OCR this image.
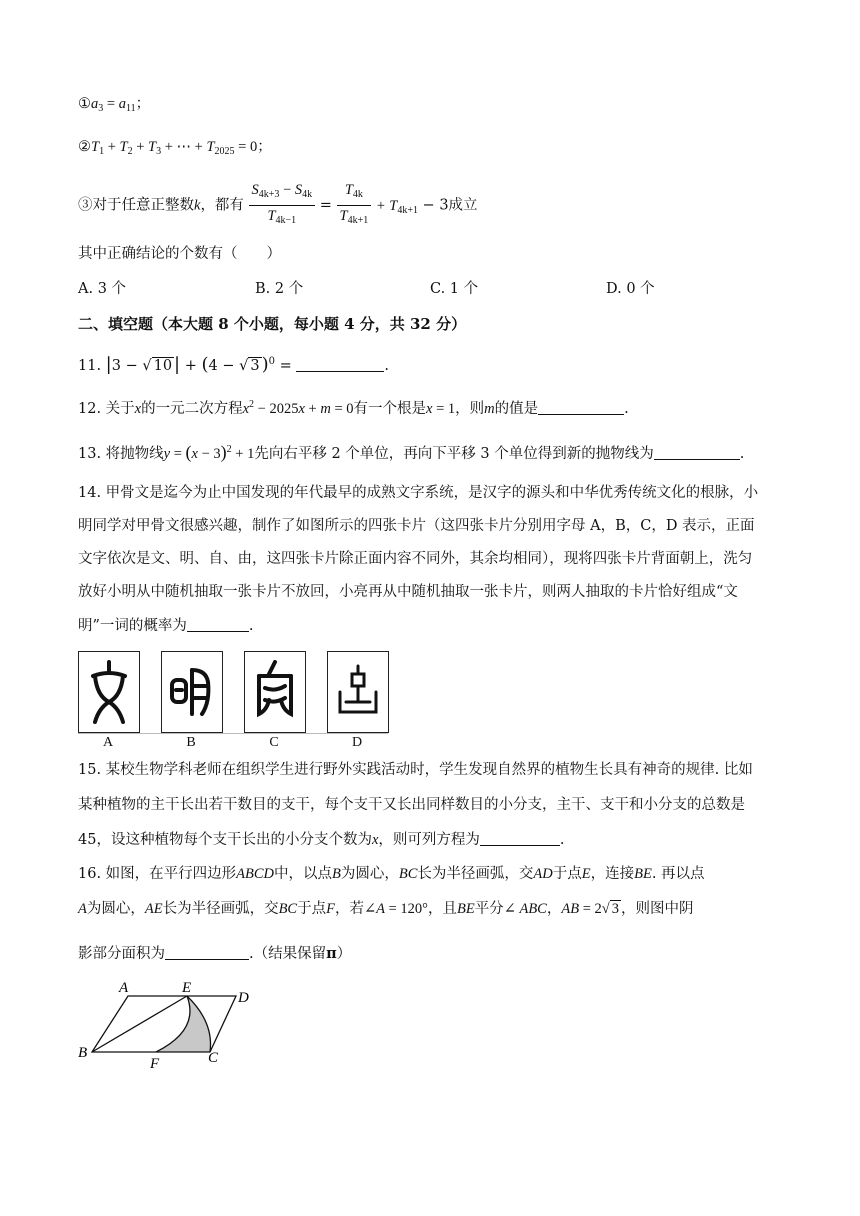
$①a_3 = a_{11}$；
$②T_1 + T_2 + T_3$ + ⋯ + $T_{2025} = 0$；
③对于任意正整数k，都有 $\frac{S_{4k+3} - S_{4k}}{T_{4k-1}} = \frac{T_{4k}}{T_{4k+1}} + T_{4k+1} - 3$成立
其中正确结论的个数有（　　）
A. 3 个	B. 2 个	C. 1 个	D. 0 个
二、填空题（本大题 8 个小题，每小题 4 分，共 32 分）
11. |3 − √ 10 | + (4 − √ 3 )$^0$ =	.
12. 关于x的一元二次方程$x^2 - 2025x + m = 0$有一个根是x = 1，则m的值是	.
13. 将抛物线$y = (x - 3)^2 + 1$先向右平移 2 个单位，再向下平移 3 个单位得到新的抛物线为	.
14. 甲骨文是迄今为止中国发现的年代最早的成熟文字系统，是汉字的源头和中华优秀传统文化的根脉，小
明同学对甲骨文很感兴趣，制作了如图所示的四张卡片（这四张卡片分别用字母 A，B，C，D 表示，正面
文字依次是文、明、自、由，这四张卡片除正面内容不同外，其余均相同），现将四张卡片背面朝上，洗匀
放好小明从中随机抽取一张卡片不放回，小亮再从中随机抽取一张卡片，则两人抽取的卡片恰好组成“文
明”一词的概率为	.
A	B	C	D
15. 某校生物学科老师在组织学生进行野外实践活动时，学生发现自然界的植物生长具有神奇的规律. 比如
某种植物的主干长出若干数目的支干，每个支干又长出同样数目的小分支，主干、支干和小分支的总数是
45，设这种植物每个支干长出的小分支个数为x，则可列方程为	.
16. 如图，在平行四边形ABCD中，以点B为圆心，BC长为半径画弧，交AD于点E，连接BE. 再以点
A为圆心，AE长为半径画弧，交BC于点F，若∠A = 120°，且BE平分∠ ABC，AB = 2√ 3 ，则图中阴
影部分面积为	.（结果保留π）
A	E
D
B	C
F
